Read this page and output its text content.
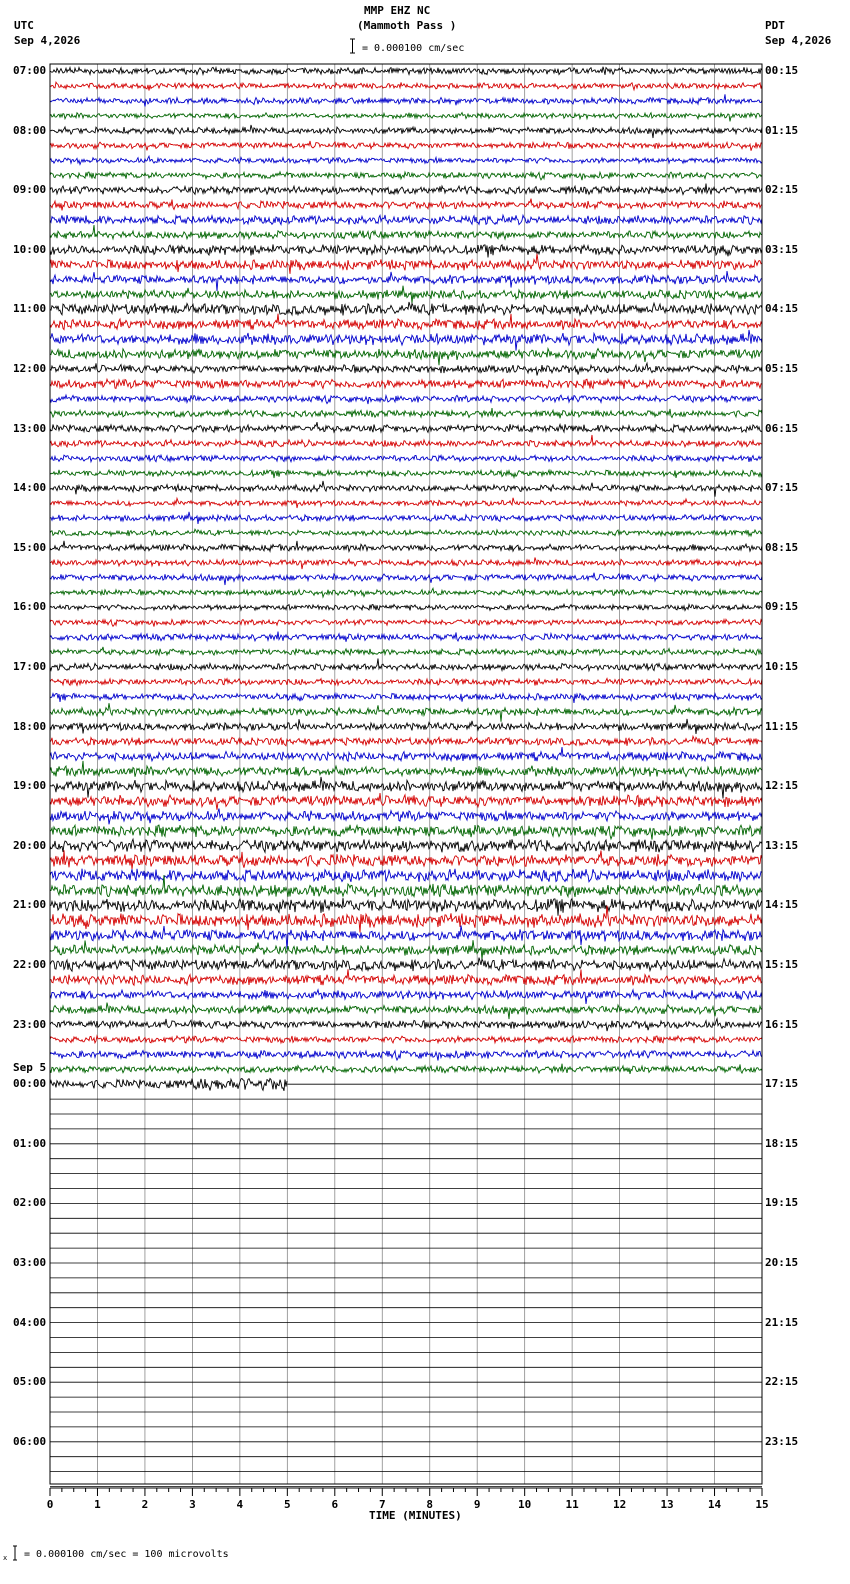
0	1	2	3	4	5	6	7	8	9	10	11	12	13	14	15
MMP EHZ NC
(Mammoth Pass )
UTC
Sep 4,2026
PDT
Sep 4,2026
= 0.000100 cm/sec
Sep 5
07:00
08:00
09:00
10:00
11:00
12:00
13:00
14:00
15:00
16:00
17:00
18:00
19:00
20:00
21:00
22:00
23:00
00:00
01:00
02:00
03:00
04:00
05:00
06:00
00:15
01:15
02:15
03:15
04:15
05:15
06:15
07:15
08:15
09:15
10:15
11:15
12:15
13:15
14:15
15:15
16:15
17:15
18:15
19:15
20:15
21:15
22:15
23:15
TIME (MINUTES)
x = 0.000100 cm/sec = 100 microvolts
